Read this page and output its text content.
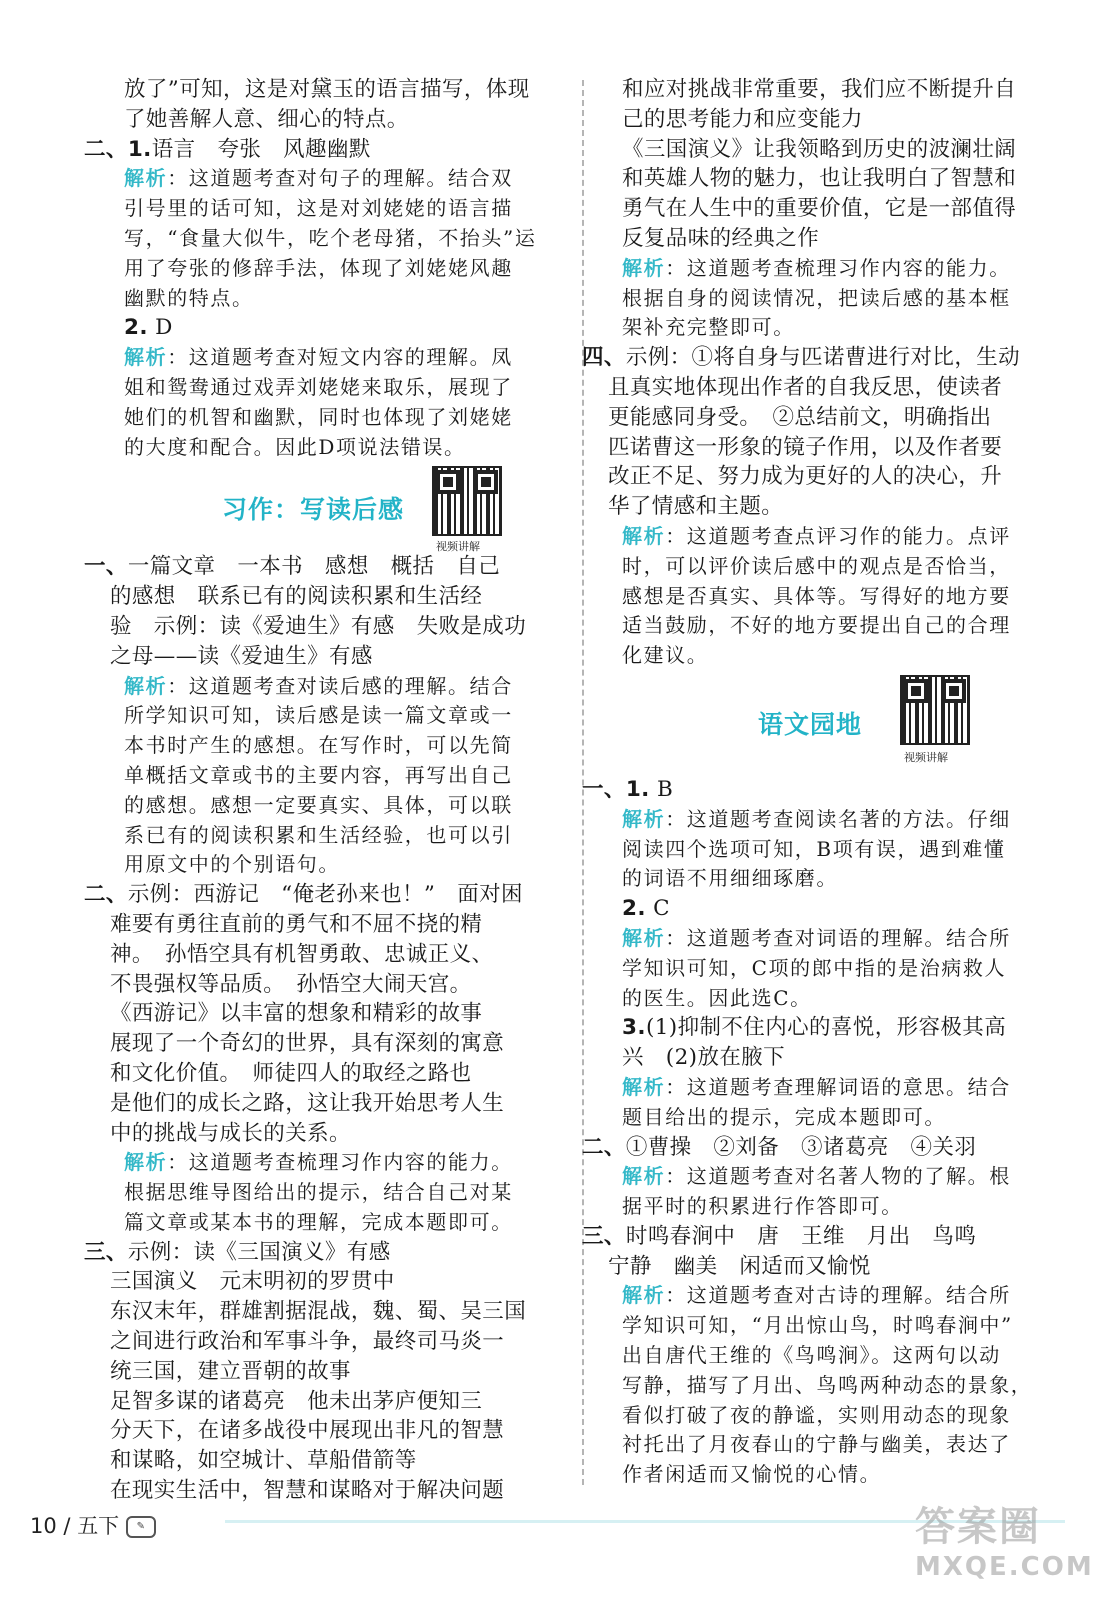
放了”可知，这是对黛玉的语言描写，体现
了她善解人意、细心的特点。
二、1.语言　夸张　风趣幽默
解析：这道题考查对句子的理解。结合双
引号里的话可知，这是对刘姥姥的语言描
写，“食量大似牛，吃个老母猪，不抬头”运
用了夸张的修辞手法，体现了刘姥姥风趣
幽默的特点。
2. D
解析：这道题考查对短文内容的理解。凤
姐和鸳鸯通过戏弄刘姥姥来取乐，展现了
她们的机智和幽默，同时也体现了刘姥姥
的大度和配合。因此D项说法错误。
习作：写读后感
视频讲解
一、一篇文章　一本书　感想　概括　自己
的感想　联系已有的阅读积累和生活经
验　示例：读《爱迪生》有感　失败是成功
之母——读《爱迪生》有感
解析：这道题考查对读后感的理解。结合
所学知识可知，读后感是读一篇文章或一
本书时产生的感想。在写作时，可以先简
单概括文章或书的主要内容，再写出自己
的感想。感想一定要真实、具体，可以联
系已有的阅读积累和生活经验，也可以引
用原文中的个别语句。
二、示例：西游记　“俺老孙来也！”　面对困
难要有勇往直前的勇气和不屈不挠的精
神。　孙悟空具有机智勇敢、忠诚正义、
不畏强权等品质。　孙悟空大闹天宫。
《西游记》以丰富的想象和精彩的故事
展现了一个奇幻的世界，具有深刻的寓意
和文化价值。　师徒四人的取经之路也
是他们的成长之路，这让我开始思考人生
中的挑战与成长的关系。
解析：这道题考查梳理习作内容的能力。
根据思维导图给出的提示，结合自己对某
篇文章或某本书的理解，完成本题即可。
三、示例：读《三国演义》有感
三国演义　元末明初的罗贯中
东汉末年，群雄割据混战，魏、蜀、吴三国
之间进行政治和军事斗争，最终司马炎一
统三国，建立晋朝的故事
足智多谋的诸葛亮　他未出茅庐便知三
分天下，在诸多战役中展现出非凡的智慧
和谋略，如空城计、草船借箭等
在现实生活中，智慧和谋略对于解决问题
和应对挑战非常重要，我们应不断提升自
己的思考能力和应变能力
《三国演义》让我领略到历史的波澜壮阔
和英雄人物的魅力，也让我明白了智慧和
勇气在人生中的重要价值，它是一部值得
反复品味的经典之作
解析：这道题考查梳理习作内容的能力。
根据自身的阅读情况，把读后感的基本框
架补充完整即可。
四、示例：①将自身与匹诺曹进行对比，生动
且真实地体现出作者的自我反思，使读者
更能感同身受。　②总结前文，明确指出
匹诺曹这一形象的镜子作用，以及作者要
改正不足、努力成为更好的人的决心，升
华了情感和主题。
解析：这道题考查点评习作的能力。点评
时，可以评价读后感中的观点是否恰当，
感想是否真实、具体等。写得好的地方要
适当鼓励，不好的地方要提出自己的合理
化建议。
语文园地
视频讲解
一、1. B
解析：这道题考查阅读名著的方法。仔细
阅读四个选项可知，B项有误，遇到难懂
的词语不用细细琢磨。
2. C
解析：这道题考查对词语的理解。结合所
学知识可知，C项的郎中指的是治病救人
的医生。因此选C。
3.(1)抑制不住内心的喜悦，形容极其高
兴　(2)放在腋下
解析：这道题考查理解词语的意思。结合
题目给出的提示，完成本题即可。
二、①曹操　②刘备　③诸葛亮　④关羽
解析：这道题考查对名著人物的了解。根
据平时的积累进行作答即可。
三、时鸣春涧中　唐　王维　月出　鸟鸣
宁静　幽美　闲适而又愉悦
解析：这道题考查对古诗的理解。结合所
学知识可知，“月出惊山鸟，时鸣春涧中”
出自唐代王维的《鸟鸣涧》。这两句以动
写静，描写了月出、鸟鸣两种动态的景象，
看似打破了夜的静谧，实则用动态的现象
衬托出了月夜春山的宁静与幽美，表达了
作者闲适而又愉悦的心情。
10 / 五下 ✎	答案圈
MXQE.COM
